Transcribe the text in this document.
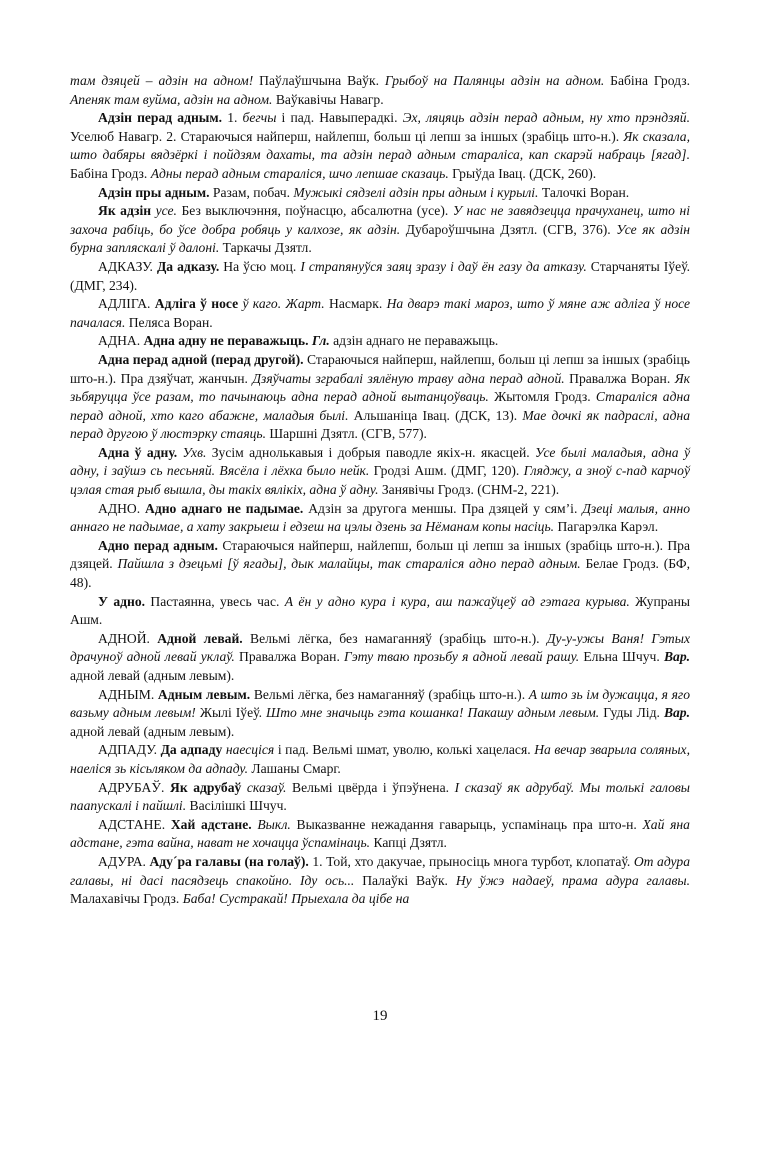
там дзяцей – адзін на адном! Паўлаўшчына Ваўк. Грыбоў на Палянцы адзін на адном. Бабіна Гродз. Апеняк там вуйма, адзін на адном. Ваўкавічы Навагр.

Адзін перад адным. 1. бегчы і пад. Навыперадкі. Эх, ляцяць адзін перад адным, ну хто прэндзяй. Уселюб Навагр. 2. Стараючыся найперш, найлепш, больш ці лепш за іншых (зрабіць што-н.). Як сказала, што дабяры вядзёркі і пойдзям дахаты, та адзін перад адным стараліса, кап скарэй набраць [ягад]. Бабіна Гродз. Адны перад адным стараліся, шчо лепшае сказаць. Грыўда Івац. (ДСК, 260).

Адзін пры адным. Разам, побач. Мужыкі сядзелі адзін пры адным і курылі. Талочкі Воран.

Як адзін усе. Без выключэння, поўнасцю, абсалютна (усе). У нас не завядзецца прачуханец, што ні захоча рабіць, бо ўсе добра робяць у калхозе, як адзін. Дубароўшчына Дзятл. (СГВ, 376). Усе як адзін бурна запляскалі ў далоні. Таркачы Дзятл.

АДКАЗУ. Да адказу. На ўсю моц. І страпянуўся заяц зразу і даў ён газу да атказу. Старчаняты Іўеў. (ДМГ, 234).

АДЛІГА. Адліга ў носе ў каго. Жарт. Насмарк. На дварэ такі мароз, што ў мяне аж адліга ў носе пачалася. Пеляса Воран.

АДНА. Адна адну не пераважыць. Гл. адзін аднаго не пераважыць.

Адна перад адной (перад другой). Стараючыся найперш, найлепш, больш ці лепш за іншых (зрабіць што-н.). Пра дзяўчат, жанчын. Дзяўчаты зграбалі зялёную траву адна перад адной. Правалжа Воран. Як зьбяруцца ўсе разам, то пачынаюць адна перад адной вытанцоўваць. Жытомля Гродз. Стараліся адна перад адной, хто каго абажне, маладыя былі. Альшаніца Івац. (ДСК, 13). Мае дочкі як падраслі, адна перад другою ў люстэрку стаяць. Шаршні Дзятл. (СГВ, 577).

Адна ў адну. Ухв. Зусім аднолькавыя і добрыя паводле якіх-н. якасцей. Усе былі маладыя, адна ў адну, і заўшэ сь песьняй. Вясёла і лёхка было нейк. Гродзі Ашм. (ДМГ, 120). Гляджу, а зноў с-пад карчоў цэлая стая рыб вышла, ды такіх вялікіх, адна ў адну. Занявічы Гродз. (СНМ-2, 221).

АДНО. Адно аднаго не падымае. Адзін за другога меншы. Пра дзяцей у сям’і. Дзеці малыя, анно аннаго не падымае, а хату закрыеш і едзеш на цэлы дзень за Нёманам копы насіць. Пагарэлка Карэл.

Адно перад адным. Стараючыся найперш, найлепш, больш ці лепш за іншых (зрабіць што-н.). Пра дзяцей. Пайшла з дзецьмі [ў ягады], дык малайцы, так стараліся адно перад адным. Белае Гродз. (БФ, 48).

У адно. Пастаянна, увесь час. А ён у адно кура і кура, аш пажаўцеў ад гэтага курыва. Жупраны Ашм.

АДНОЙ. Адной левай. Вельмі лёгка, без намаганняў (зрабіць што-н.). Ду-у-ужы Ваня! Гэтых драчуноў адной левай уклаў. Правалжа Воран. Гэту тваю прозьбу я адной левай рашу. Ельна Шчуч. Вар. адной левай (адным левым).

АДНЫМ. Адным левым. Вельмі лёгка, без намаганняў (зрабіць што-н.). А што зь ім дужацца, я яго вазьму адным левым! Жылі Іўеў. Што мне значыць гэта кошанка! Пакашу адным левым. Гуды Лід. Вар. адной левай (адным левым).

АДПАДУ. Да адпаду наесціся і пад. Вельмі шмат, уволю, колькі хацелася. На вечар зварыла соляных, наеліся зь кісьляком да адпаду. Лашаны Смарг.

АДРУБАЎ. Як адрубаў сказаў. Вельмі цвёрда і ўпэўнена. І сказаў як адрубаў. Мы толькі галовы паапускалі і пайшлі. Васілішкі Шчуч.

АДСТАНЕ. Хай адстане. Выкл. Выказванне нежадання гаварыць, успамінаць пра што-н. Хай яна адстане, гэта вайна, нават не хочацца ўспамінаць. Капці Дзятл.

АДУРА. Аду´ра галавы (на голаў). 1. Той, хто дакучае, прыносіць многа турбот, клопатаў. От адура галавы, ні дасі пасядзець спакойно. Іду ось... Палаўкі Ваўк. Ну ўжэ надаеў, прама адура галавы. Малахавічы Гродз. Баба! Сустракай! Прыехала да цібе на

19
